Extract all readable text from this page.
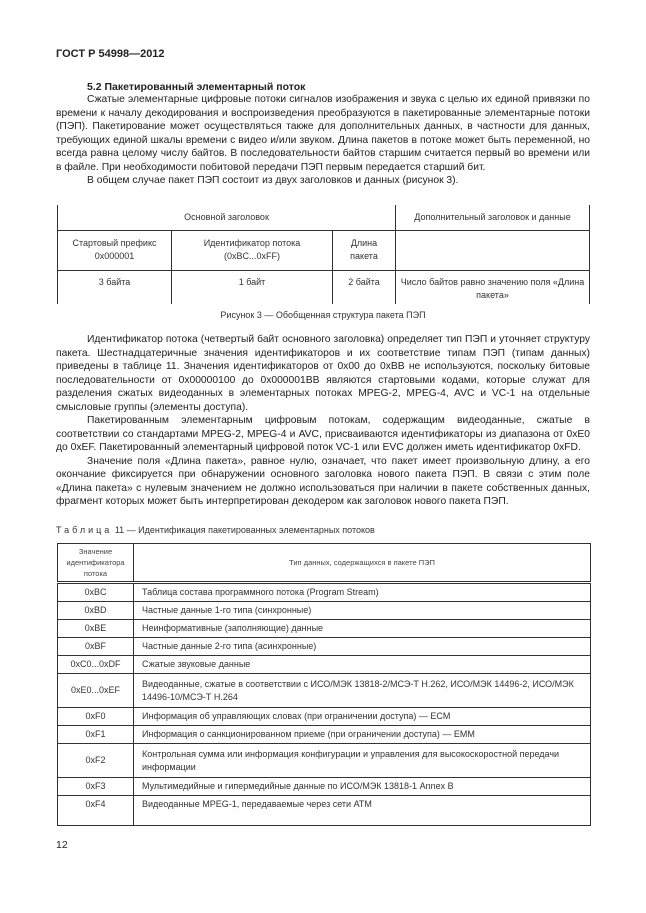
ГОСТ Р 54998—2012
5.2 Пакетированный элементарный поток

Сжатые элементарные цифровые потоки сигналов изображения и звука с целью их единой привязки по времени к началу декодирования и воспроизведения преобразуются в пакетированные элементарные потоки (ПЭП). Пакетирование может осуществляться также для дополнительных данных, в частности для данных, требующих единой шкалы времени с видео и/или звуком. Длина пакетов в потоке может быть переменной, но всегда равна целому числу байтов. В последовательности байтов старшим считается первый во времени или в файле. При необходимости побитовой передачи ПЭП первым передается старший бит.

В общем случае пакет ПЭП состоит из двух заголовков и данных (рисунок 3).

Основной заголовок			Дополнительный заголовок и данные
Стартовый префикс 0x000001	Идентификатор потока (0xBC...0xFF)	Длина пакета	
3 байта	1 байт	2 байта	Число байтов равно значению поля «Длина пакета»
Рисунок 3 — Обобщенная структура пакета ПЭП

Идентификатор потока (четвертый байт основного заголовка) определяет тип ПЭП и уточняет структуру пакета. Шестнадцатеричные значения идентификаторов и их соответствие типам ПЭП (типам данных) приведены в таблице 11. Значения идентификаторов от 0x00 до 0xBB не используются, поскольку битовые последовательности от 0x00000100 до 0x000001BB являются стартовыми кодами, которые служат для разделения сжатых видеоданных в элементарных потоках MPEG-2, MPEG-4, AVC и VC-1 на отдельные смысловые группы (элементы доступа).

Пакетированным элементарным цифровым потокам, содержащим видеоданные, сжатые в соответствии со стандартами MPEG-2, MPEG-4 и AVC, присваиваются идентификаторы из диапазона от 0xE0 до 0xEF. Пакетированный элементарный цифровой поток VC-1 или EVC должен иметь идентификатор 0xFD.

Значение поля «Длина пакета», равное нулю, означает, что пакет имеет произвольную длину, а его окончание фиксируется при обнаружении основного заголовка нового пакета ПЭП. В связи с этим поле «Длина пакета» с нулевым значением не должно использоваться при наличии в пакете собственных данных, фрагмент которых может быть интерпретирован декодером как заголовок нового пакета ПЭП.

Таблица 11 — Идентификация пакетированных элементарных потоков
Значение идентификатора потока	Тип данных, содержащихся в пакете ПЭП
0xBC	Таблица состава программного потока (Program Stream)
0xBD	Частные данные 1-го типа (синхронные)
0xBE	Неинформативные (заполняющие) данные
0xBF	Частные данные 2-го типа (асинхронные)
0xC0...0xDF	Сжатые звуковые данные
0xE0...0xEF	Видеоданные, сжатые в соответствии с ИСО/МЭК 13818-2/МСЭ-Т H.262, ИСО/МЭК 14496-2, ИСО/МЭК 14496-10/МСЭ-Т H.264
0xF0	Информация об управляющих словах (при ограничении доступа) — ECM
0xF1	Информация о санкционированном приеме (при ограничении доступа) — EMM
0xF2	Контрольная сумма или информация конфигурации и управления для высокоскоростной передачи информации
0xF3	Мультимедийные и гипермедийные данные по ИСО/МЭК 13818-1 Annex B
0xF4	Видеоданные MPEG-1, передаваемые через сети ATM
12
